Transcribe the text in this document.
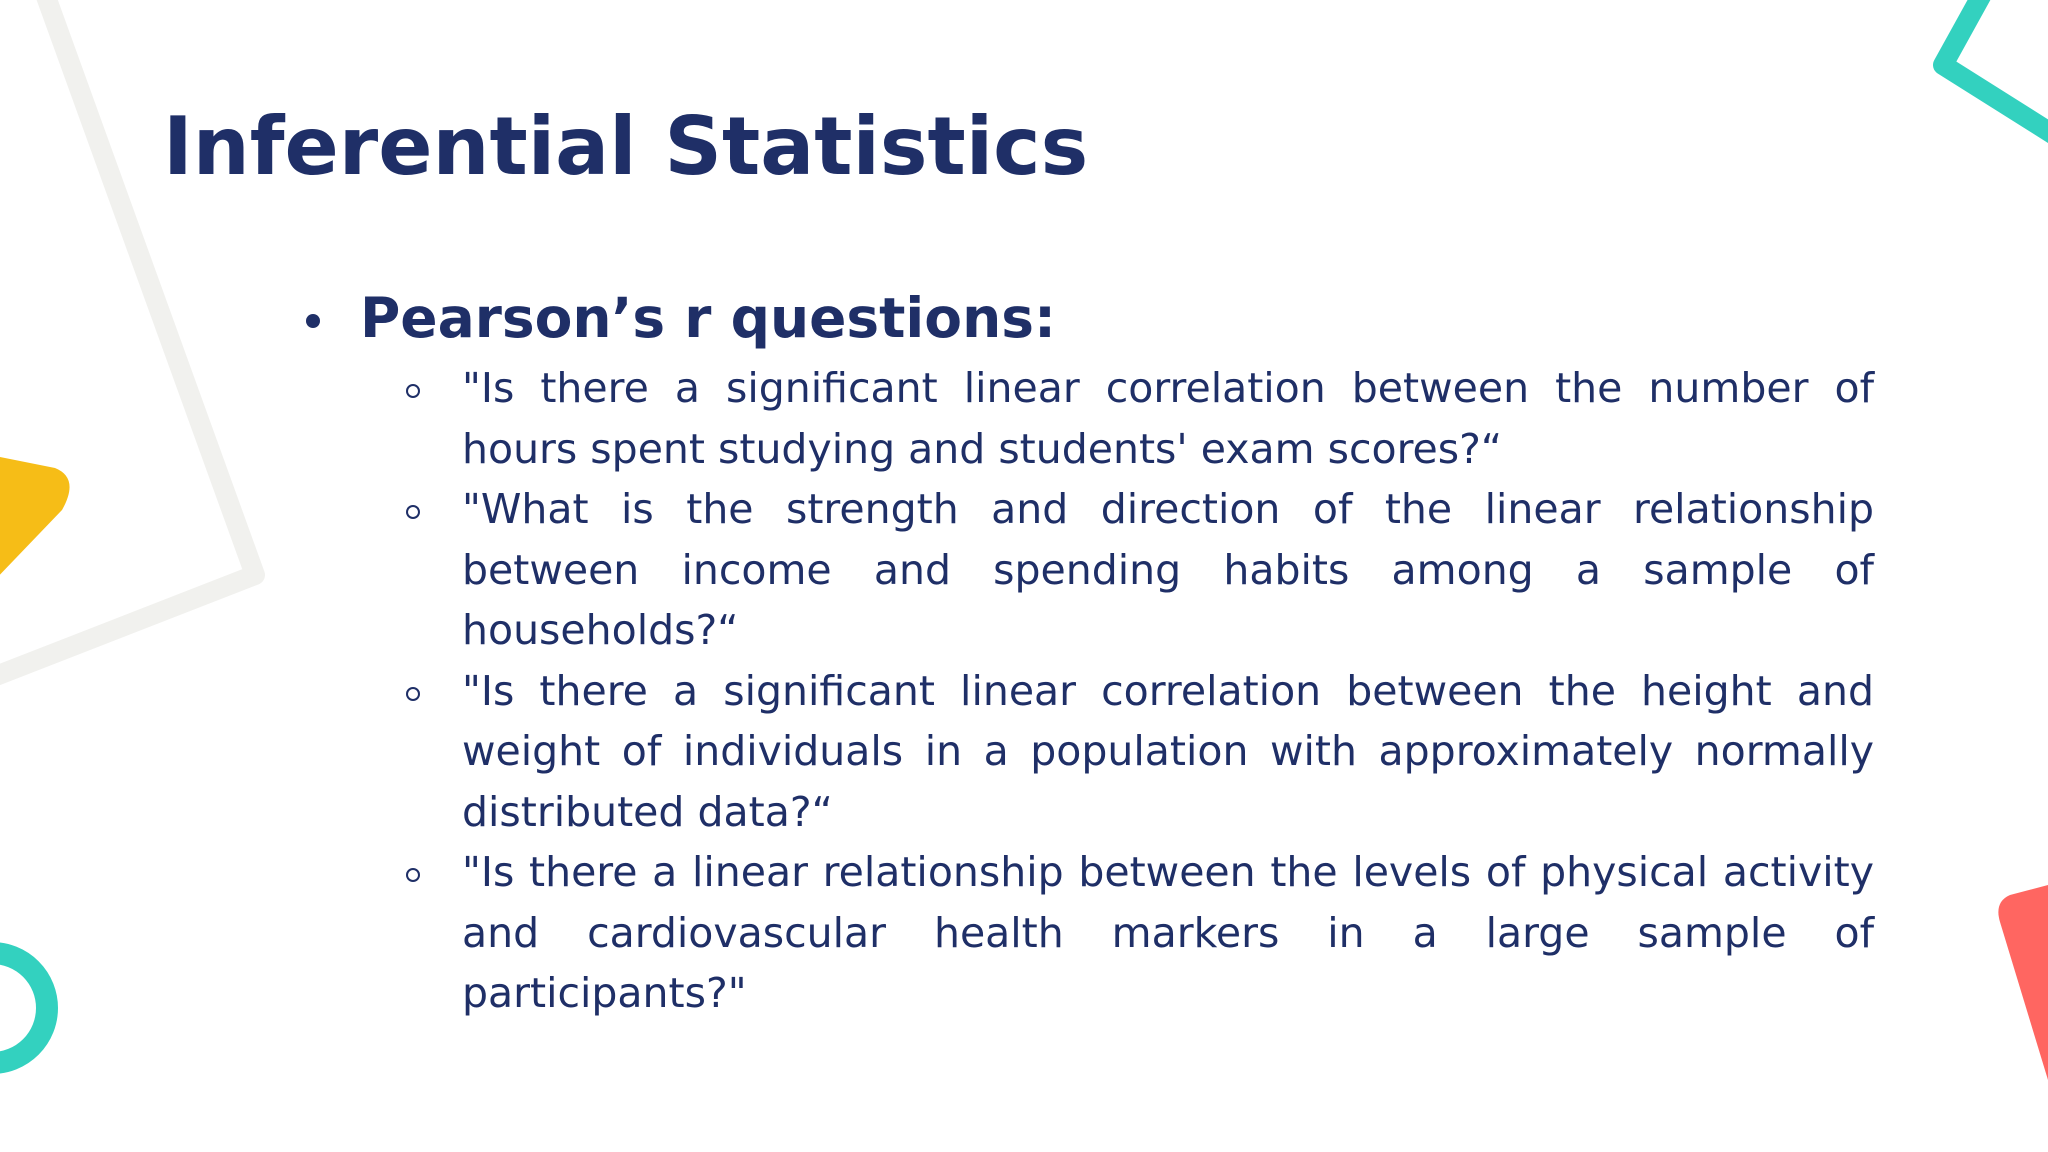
Inferential Statistics
Pearson’s r questions:
"Is there a significant linear correlation between the number of hours spent studying and students' exam scores?“
"What is the strength and direction of the linear relationship between income and spending habits among a sample of households?“
"Is there a significant linear correlation between the height and weight of individuals in a population with approximately normally distributed data?“
"Is there a linear relationship between the levels of physical activity and cardiovascular health markers in a large sample of participants?"
